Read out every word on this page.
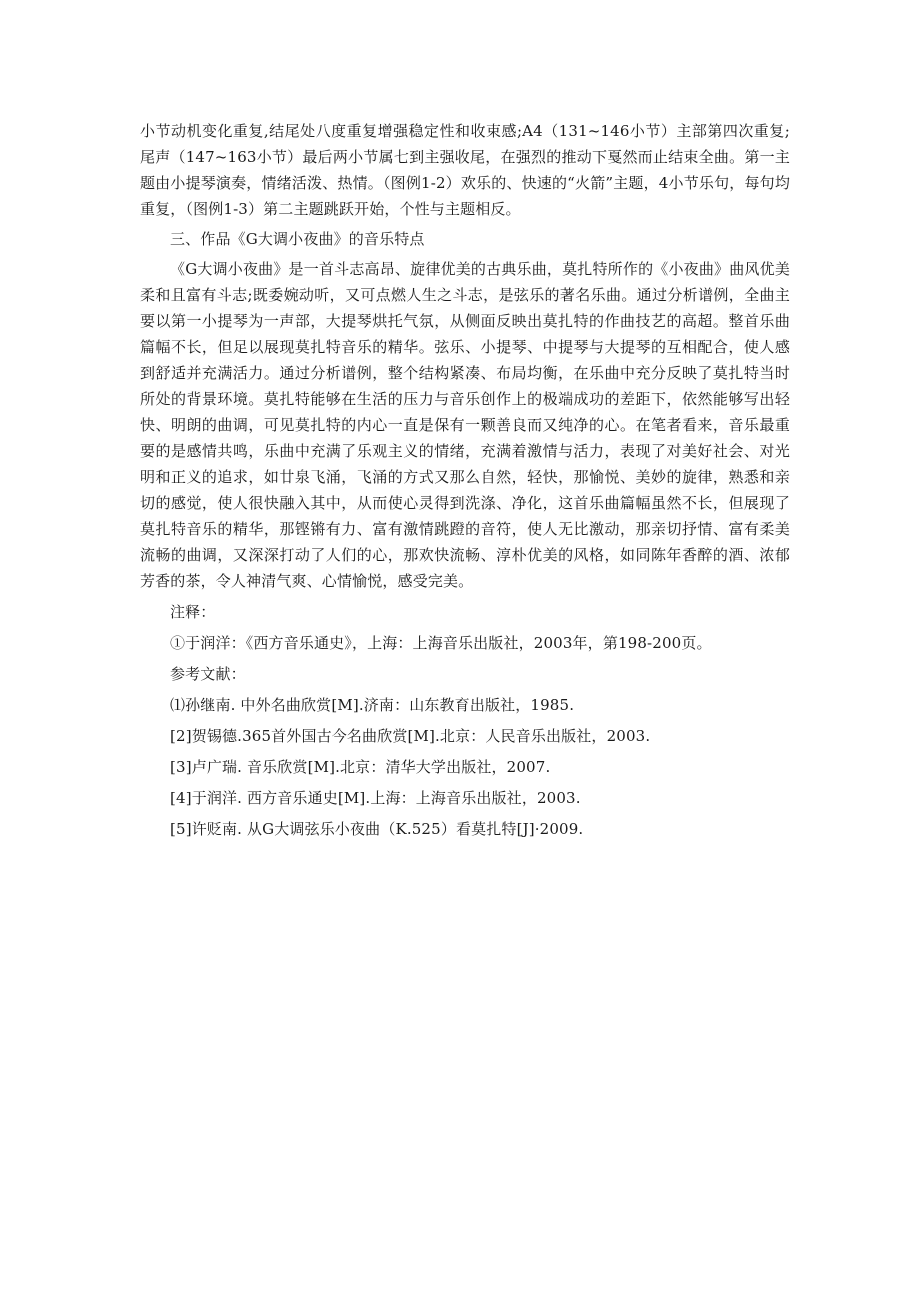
小节动机变化重复,结尾处八度重复增强稳定性和收束感;A4（131~146小节）主部第四次重复;尾声（147~163小节）最后两小节属七到主强收尾，在强烈的推动下戛然而止结束全曲。第一主题由小提琴演奏，情绪活泼、热情。（图例1-2）欢乐的、快速的“火箭”主题，4小节乐句，每句均重复，（图例1-3）第二主题跳跃开始，个性与主题相反。

三、作品《G大调小夜曲》的音乐特点

《G大调小夜曲》是一首斗志高昂、旋律优美的古典乐曲，莫扎特所作的《小夜曲》曲风优美柔和且富有斗志;既委婉动听，又可点燃人生之斗志，是弦乐的著名乐曲。通过分析谱例，全曲主要以第一小提琴为一声部，大提琴烘托气氛，从侧面反映出莫扎特的作曲技艺的高超。整首乐曲篇幅不长，但足以展现莫扎特音乐的精华。弦乐、小提琴、中提琴与大提琴的互相配合，使人感到舒适并充满活力。通过分析谱例，整个结构紧凑、布局均衡，在乐曲中充分反映了莫扎特当时所处的背景环境。莫扎特能够在生活的压力与音乐创作上的极端成功的差距下，依然能够写出轻快、明朗的曲调，可见莫扎特的内心一直是保有一颗善良而又纯净的心。在笔者看来，音乐最重要的是感情共鸣，乐曲中充满了乐观主义的情绪，充满着激情与活力，表现了对美好社会、对光明和正义的追求，如廿泉飞涌，飞涌的方式又那么自然，轻快，那愉悦、美妙的旋律，熟悉和亲切的感觉，使人很快融入其中，从而使心灵得到洗涤、净化，这首乐曲篇幅虽然不长，但展现了莫扎特音乐的精华，那铿锵有力、富有激情跳蹬的音符，使人无比激动，那亲切抒情、富有柔美流畅的曲调，又深深打动了人们的心，那欢快流畅、淳朴优美的风格，如同陈年香醉的酒、浓郁芳香的茶，令人神清气爽、心情愉悦，感受完美。

注释：

①于润洋：《西方音乐通史》，上海：上海音乐出版社，2003年，第198-200页。

参考文献：

⑴孙继南. 中外名曲欣赏[M].济南：山东教育出版社，1985.

[2]贺锡德.365首外国古今名曲欣赏[M].北京：人民音乐出版社，2003.

[3]卢广瑞. 音乐欣赏[M].北京：清华大学出版社，2007.

[4]于润洋. 西方音乐通史[M].上海：上海音乐出版社，2003.

[5]许贬南. 从G大调弦乐小夜曲（K.525）看莫扎特[J]·2009.
